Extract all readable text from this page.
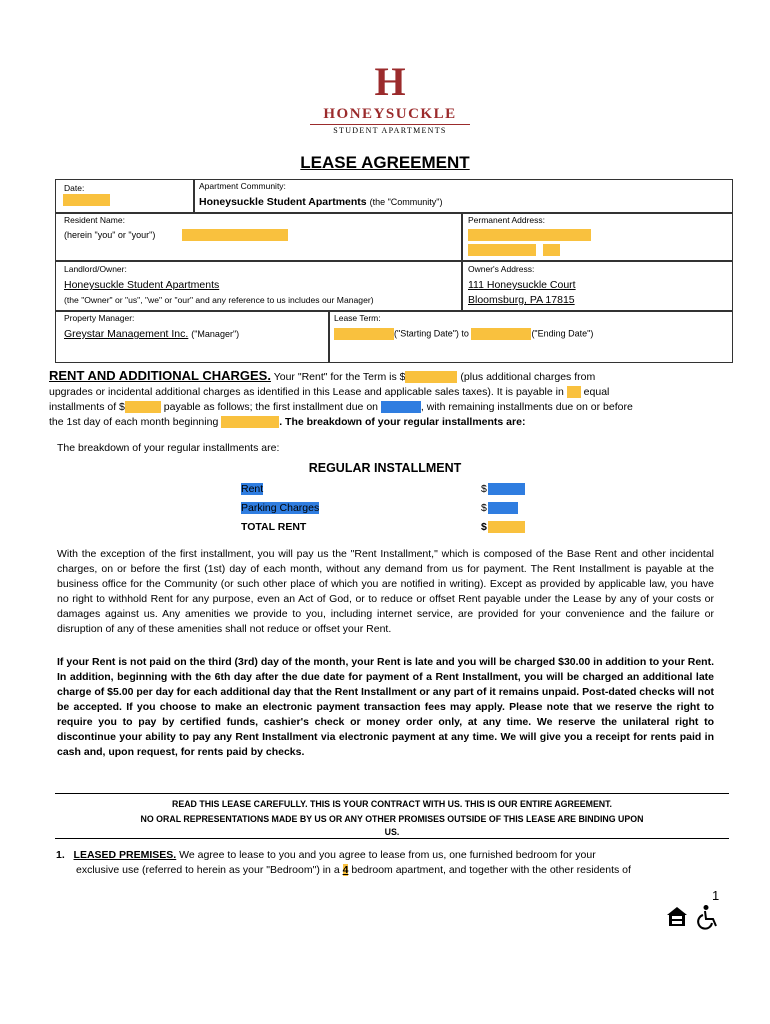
H
HONEYSUCKLE
STUDENT APARTMENTS
LEASE AGREEMENT
Date:	Apartment Community:
Honeysuckle Student Apartments (the "Community")
Resident Name:
(herein "you" or "your")
Permanent Address:
Landlord/Owner:
Honeysuckle Student Apartments
(the "Owner" or "us", "we" or "our" and any reference to us includes our Manager)
Owner's Address:
111 Honeysuckle Court
Bloomsburg, PA 17815
Property Manager:
Greystar Management Inc. ("Manager")
Lease Term:
("Starting Date") to	("Ending Date")
RENT AND ADDITIONAL CHARGES. Your "Rent" for the Term is $	(plus additional charges from
upgrades or incidental additional charges as identified in this Lease and applicable sales taxes). It is payable in equal
installments of $	payable as follows; the first installment due on	, with remaining installments due on or before
the 1st day of each month beginning	. The breakdown of your regular installments are:
The breakdown of your regular installments are:
REGULAR INSTALLMENT
Rent	$
Parking Charges	$
TOTAL RENT	$

With the exception of the first installment, you will pay us the "Rent Installment," which is composed of the Base Rent and other incidental charges, on or before the first (1st) day of each month, without any demand from us for payment. The Rent Installment is payable at the business office for the Community (or such other place of which you are notified in writing). Except as provided by applicable law, you have no right to withhold Rent for any purpose, even an Act of God, or to reduce or offset Rent payable under the Lease by any of your costs or damages against us. Any amenities we provide to you, including internet service, are provided for your convenience and the failure or disruption of any of these amenities shall not reduce or offset your Rent.

If your Rent is not paid on the third (3rd) day of the month, your Rent is late and you will be charged $30.00 in addition to your Rent. In addition, beginning with the 6th day after the due date for payment of a Rent Installment, you will be charged an additional late charge of $5.00 per day for each additional day that the Rent Installment or any part of it remains unpaid. Post-dated checks will not be accepted. If you choose to make an electronic payment transaction fees may apply. Please note that we reserve the right to require you to pay by certified funds, cashier's check or money order only, at any time. We reserve the unilateral right to discontinue your ability to pay any Rent Installment via electronic payment at any time. We will give you a receipt for rents paid in cash and, upon request, for rents paid by checks.

READ THIS LEASE CAREFULLY. THIS IS YOUR CONTRACT WITH US. THIS IS OUR ENTIRE AGREEMENT.
NO ORAL REPRESENTATIONS MADE BY US OR ANY OTHER PROMISES OUTSIDE OF THIS LEASE ARE BINDING UPON
US.
1. LEASED PREMISES. We agree to lease to you and you agree to lease from us, one furnished bedroom for your
exclusive use (referred to herein as your "Bedroom") in a 4 bedroom apartment, and together with the other residents of
1
